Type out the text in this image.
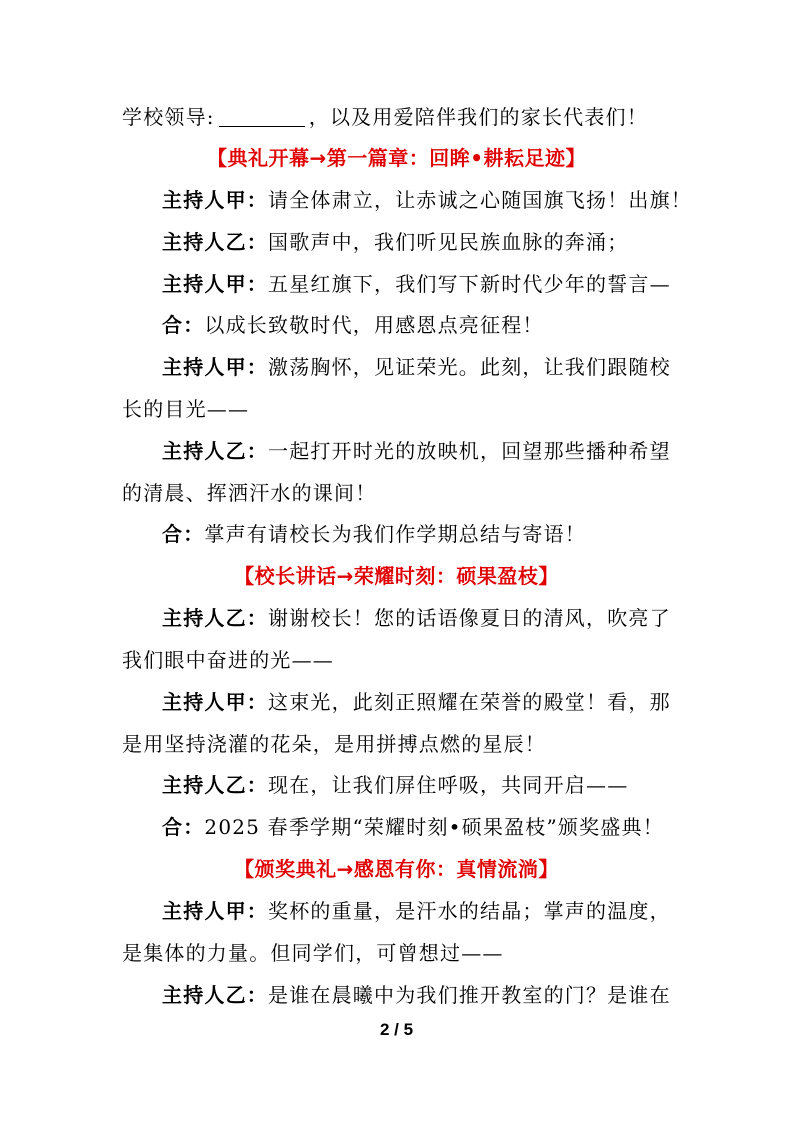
学校领导:	，以及用爱陪伴我们的家长代表们！
【典礼开幕→第一篇章：回眸•耕耘足迹】
主持人甲：请全体肃立，让赤诚之心随国旗飞扬！出旗！
主持人乙：国歌声中，我们听见民族血脉的奔涌；
主持人甲：五星红旗下，我们写下新时代少年的誓言—
合：以成长致敬时代，用感恩点亮征程！
主持人甲：激荡胸怀，见证荣光。此刻，让我们跟随校
长的目光——
主持人乙：一起打开时光的放映机，回望那些播种希望
的清晨、挥洒汗水的课间！
合：掌声有请校长为我们作学期总结与寄语！
【校长讲话→荣耀时刻：硕果盈枝】
主持人乙：谢谢校长！您的话语像夏日的清风，吹亮了
我们眼中奋进的光——
主持人甲：这束光，此刻正照耀在荣誉的殿堂！看，那
是用坚持浇灌的花朵，是用拼搏点燃的星辰！
主持人乙：现在，让我们屏住呼吸，共同开启——
合：2025 春季学期“荣耀时刻•硕果盈枝”颁奖盛典！
【颁奖典礼→感恩有你：真情流淌】
主持人甲：奖杯的重量，是汗水的结晶；掌声的温度，
是集体的力量。但同学们，可曾想过——
主持人乙：是谁在晨曦中为我们推开教室的门？是谁在
2 / 5
